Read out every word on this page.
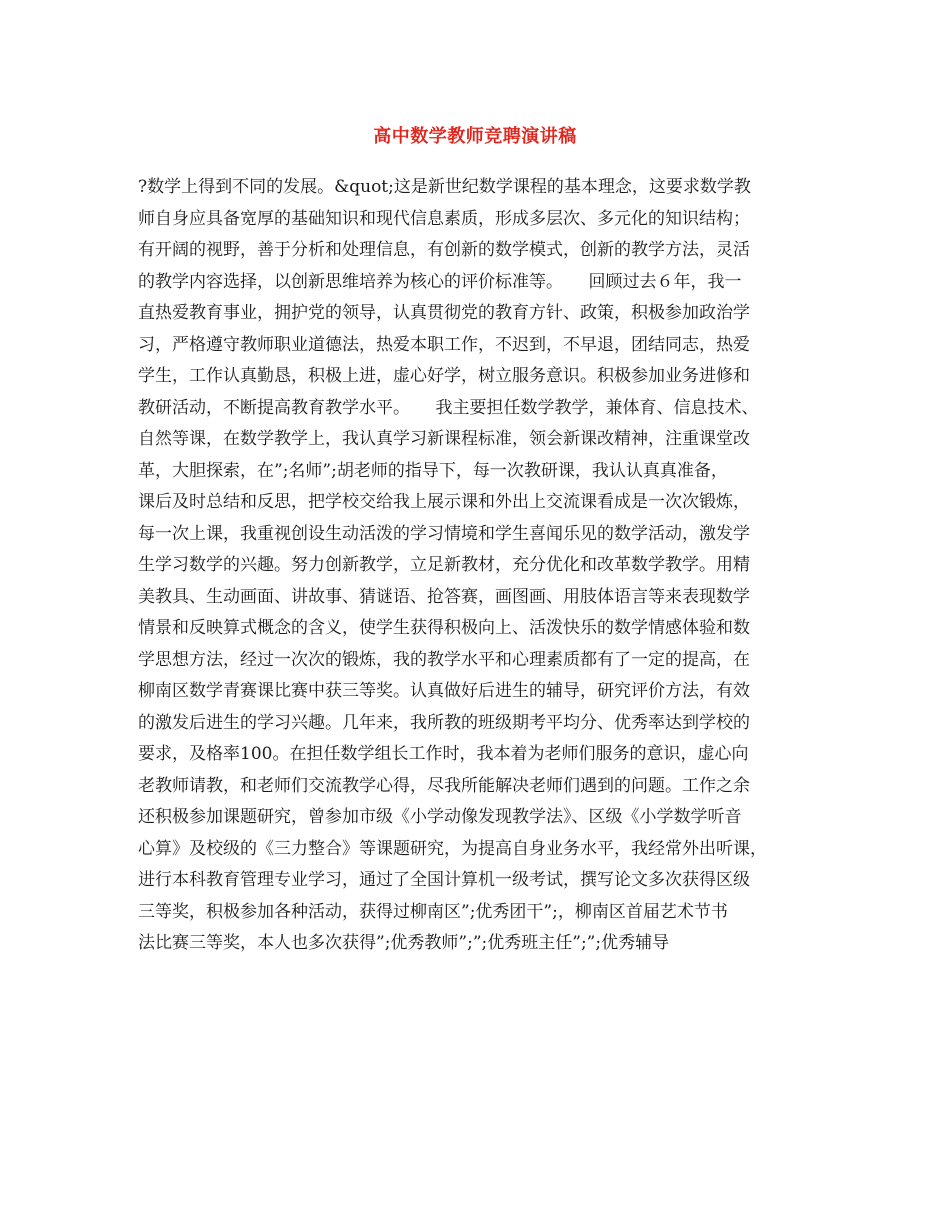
高中数学教师竞聘演讲稿
?数学上得到不同的发展。&quot;这是新世纪数学课程的基本理念，这要求数学教
师自身应具备宽厚的基础知识和现代信息素质，形成多层次、多元化的知识结构；
有开阔的视野，善于分析和处理信息，有创新的数学模式，创新的教学方法，灵活
的教学内容选择，以创新思维培养为核心的评价标准等。　　回顾过去６年，我一
直热爱教育事业，拥护党的领导，认真贯彻党的教育方针、政策，积极参加政治学
习，严格遵守教师职业道德法，热爱本职工作，不迟到，不早退，团结同志，热爱
学生，工作认真勤恳，积极上进，虚心好学，树立服务意识。积极参加业务进修和
教研活动，不断提高教育教学水平。　　我主要担任数学教学，兼体育、信息技术、
自然等课，在数学教学上，我认真学习新课程标准，领会新课改精神，注重课堂改
革，大胆探索，在”;名师”;胡老师的指导下，每一次教研课，我认认真真准备，
课后及时总结和反思，把学校交给我上展示课和外出上交流课看成是一次次锻炼，
每一次上课，我重视创设生动活泼的学习情境和学生喜闻乐见的数学活动，激发学
生学习数学的兴趣。努力创新教学，立足新教材，充分优化和改革数学教学。用精
美教具、生动画面、讲故事、猜谜语、抢答赛，画图画、用肢体语言等来表现数学
情景和反映算式概念的含义，使学生获得积极向上、活泼快乐的数学情感体验和数
学思想方法，经过一次次的锻炼，我的教学水平和心理素质都有了一定的提高，在
柳南区数学青赛课比赛中获三等奖。认真做好后进生的辅导，研究评价方法，有效
的激发后进生的学习兴趣。几年来，我所教的班级期考平均分、优秀率达到学校的
要求，及格率100。在担任数学组长工作时，我本着为老师们服务的意识，虚心向
老教师请教，和老师们交流教学心得，尽我所能解决老师们遇到的问题。工作之余
还积极参加课题研究，曾参加市级《小学动像发现教学法》、区级《小学数学听音
心算》及校级的《三力整合》等课题研究，为提高自身业务水平，我经常外出听课，
进行本科教育管理专业学习，通过了全国计算机一级考试，撰写论文多次获得区级
三等奖，积极参加各种活动，获得过柳南区”;优秀团干”;，柳南区首届艺术节书
法比赛三等奖，本人也多次获得”;优秀教师”;”;优秀班主任”;”;优秀辅导
